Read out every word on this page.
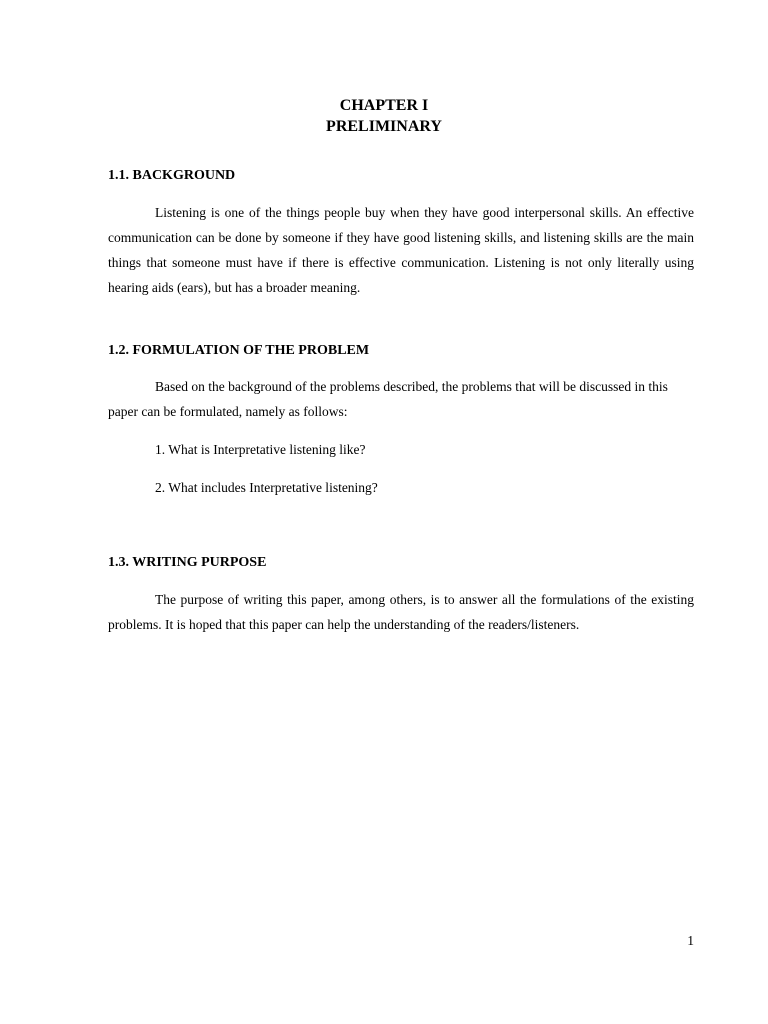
CHAPTER I
PRELIMINARY
1.1. BACKGROUND

Listening is one of the things people buy when they have good interpersonal skills. An effective communication can be done by someone if they have good listening skills, and listening skills are the main things that someone must have if there is effective communication. Listening is not only literally using hearing aids (ears), but has a broader meaning.

1.2. FORMULATION OF THE PROBLEM

Based on the background of the problems described, the problems that will be discussed in this paper can be formulated, namely as follows:

1. What is Interpretative listening like?

2. What includes Interpretative listening?

1.3. WRITING PURPOSE

The purpose of writing this paper, among others, is to answer all the formulations of the existing problems. It is hoped that this paper can help the understanding of the readers/listeners.

1
